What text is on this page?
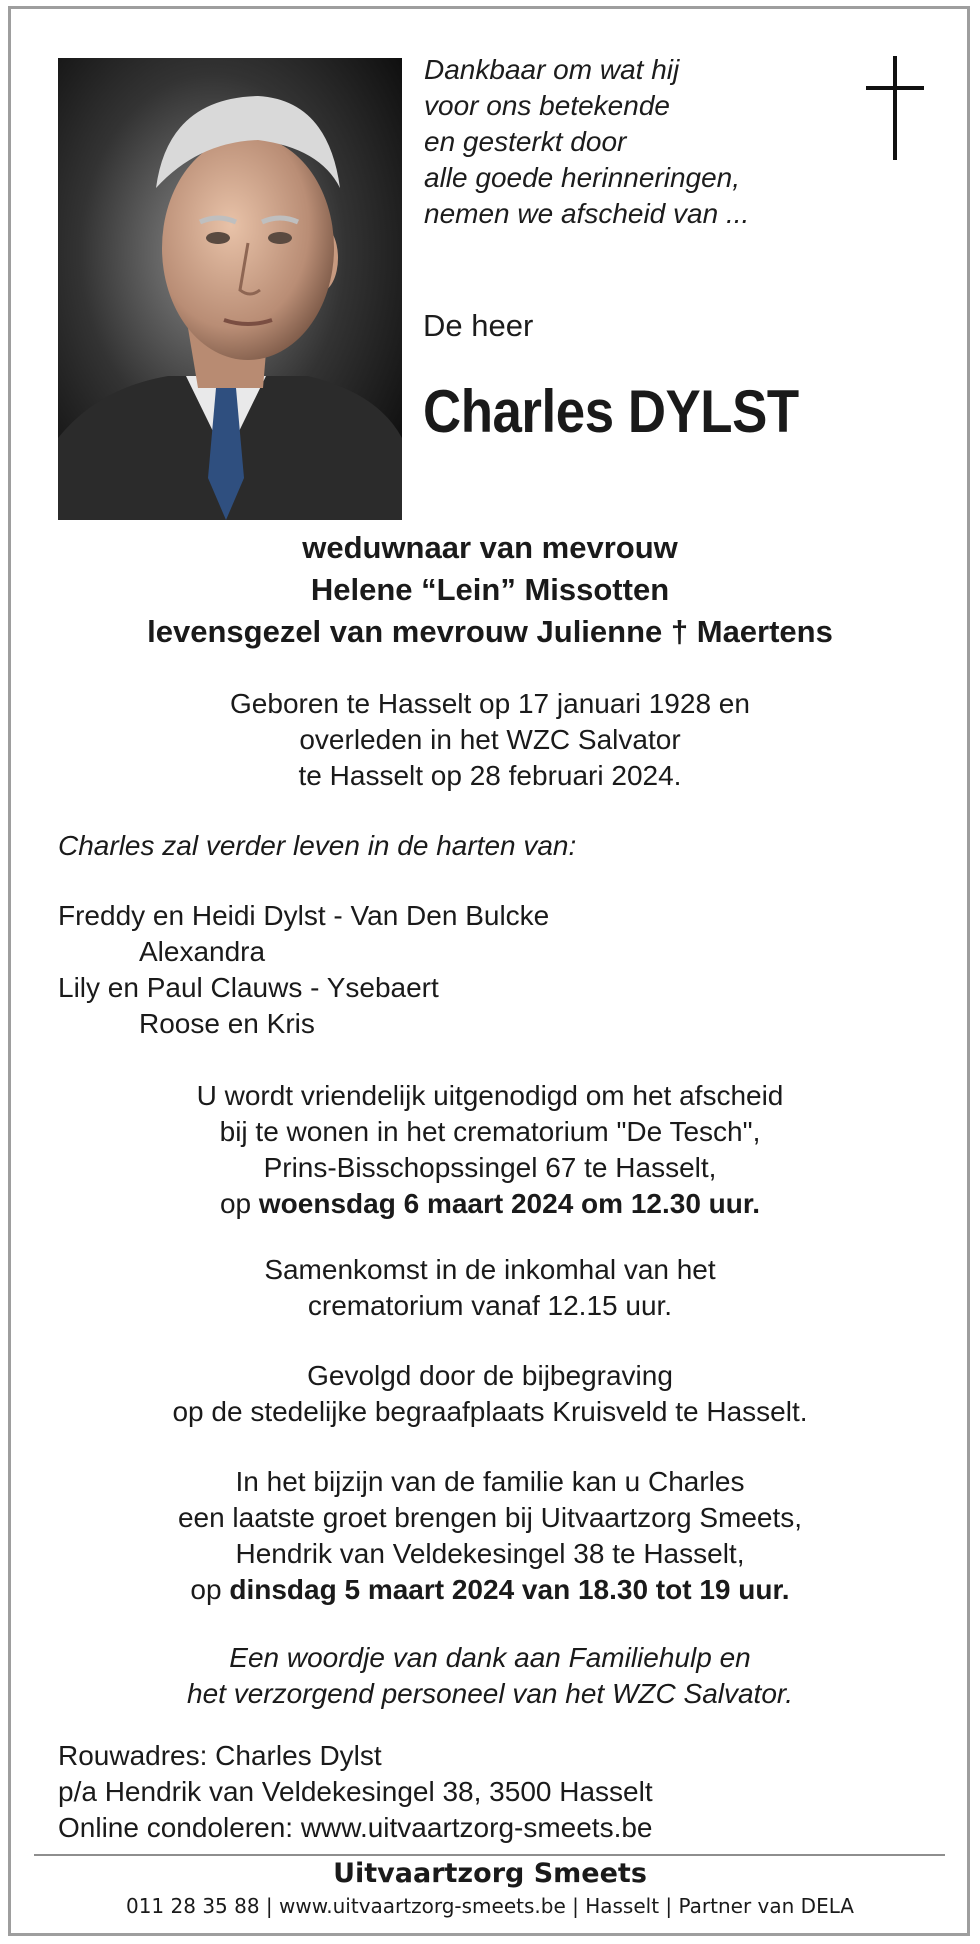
Dankbaar om wat hij
voor ons betekende
en gesterkt door
alle goede herinneringen,
nemen we afscheid van ...
De heer
Charles DYLST
weduwnaar van mevrouw
Helene “Lein” Missotten
levensgezel van mevrouw Julienne † Maertens
Geboren te Hasselt op 17 januari 1928 en
overleden in het WZC Salvator
te Hasselt op 28 februari 2024.
Charles zal verder leven in de harten van:
Freddy en Heidi Dylst - Van Den Bulcke
Alexandra
Lily en Paul Clauws - Ysebaert
Roose en Kris
U wordt vriendelijk uitgenodigd om het afscheid
bij te wonen in het crematorium "De Tesch",
Prins-Bisschopssingel 67 te Hasselt,
op woensdag 6 maart 2024 om 12.30 uur.
Samenkomst in de inkomhal van het
crematorium vanaf 12.15 uur.
Gevolgd door de bijbegraving
op de stedelijke begraafplaats Kruisveld te Hasselt.
In het bijzijn van de familie kan u Charles
een laatste groet brengen bij Uitvaartzorg Smeets,
Hendrik van Veldekesingel 38 te Hasselt,
op dinsdag 5 maart 2024 van 18.30 tot 19 uur.
Een woordje van dank aan Familiehulp en
het verzorgend personeel van het WZC Salvator.
Rouwadres: Charles Dylst
p/a Hendrik van Veldekesingel 38, 3500 Hasselt
Online condoleren: www.uitvaartzorg-smeets.be
Uitvaartzorg Smeets
011 28 35 88 | www.uitvaartzorg-smeets.be | Hasselt | Partner van DELA
